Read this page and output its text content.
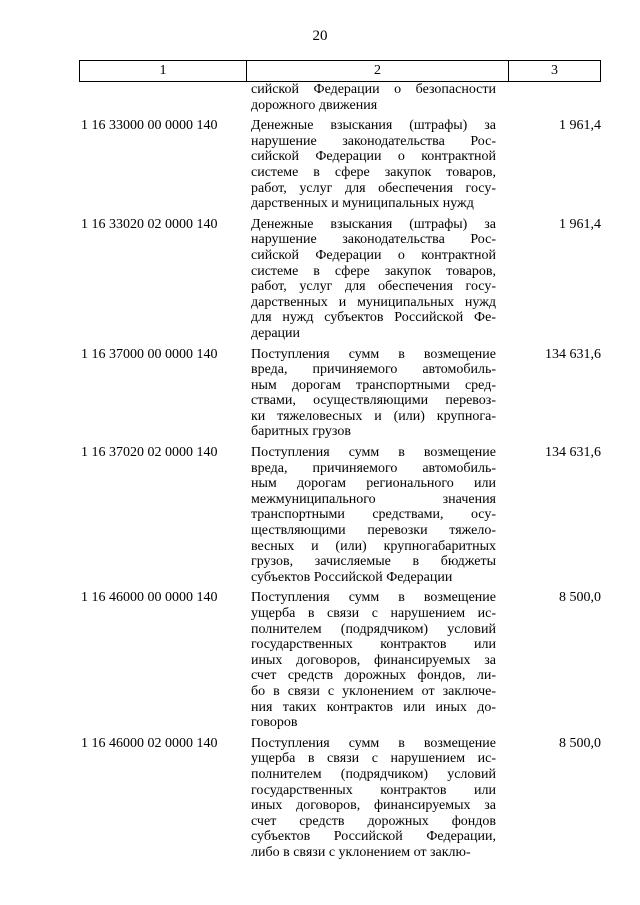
20
1	2	3
сийской Федерации о безопасности
дорожного движения
1 16 33000 00 0000 140	Денежные взыскания (штрафы) за
нарушение законодательства Рос-
сийской Федерации о контрактной
системе в сфере закупок товаров,
работ, услуг для обеспечения госу-
дарственных и муниципальных нужд
1 961,4
1 16 33020 02 0000 140	Денежные взыскания (штрафы) за
нарушение законодательства Рос-
сийской Федерации о контрактной
системе в сфере закупок товаров,
работ, услуг для обеспечения госу-
дарственных и муниципальных нужд
для нужд субъектов Российской Фе-
дерации
1 961,4
1 16 37000 00 0000 140	Поступления сумм в возмещение
вреда, причиняемого автомобиль-
ным дорогам транспортными сред-
ствами, осуществляющими перевоз-
ки тяжеловесных и (или) крупнога-
баритных грузов
134 631,6
1 16 37020 02 0000 140	Поступления сумм в возмещение
вреда, причиняемого автомобиль-
ным дорогам регионального или
межмуниципального значения
транспортными средствами, осу-
ществляющими перевозки тяжело-
весных и (или) крупногабаритных
грузов, зачисляемые в бюджеты
субъектов Российской Федерации
134 631,6
1 16 46000 00 0000 140	Поступления сумм в возмещение
ущерба в связи с нарушением ис-
полнителем (подрядчиком) условий
государственных контрактов или
иных договоров, финансируемых за
счет средств дорожных фондов, ли-
бо в связи с уклонением от заключе-
ния таких контрактов или иных до-
говоров
8 500,0
1 16 46000 02 0000 140	Поступления сумм в возмещение
ущерба в связи с нарушением ис-
полнителем (подрядчиком) условий
государственных контрактов или
иных договоров, финансируемых за
счет средств дорожных фондов
субъектов Российской Федерации,
либо в связи с уклонением от заклю-
8 500,0
